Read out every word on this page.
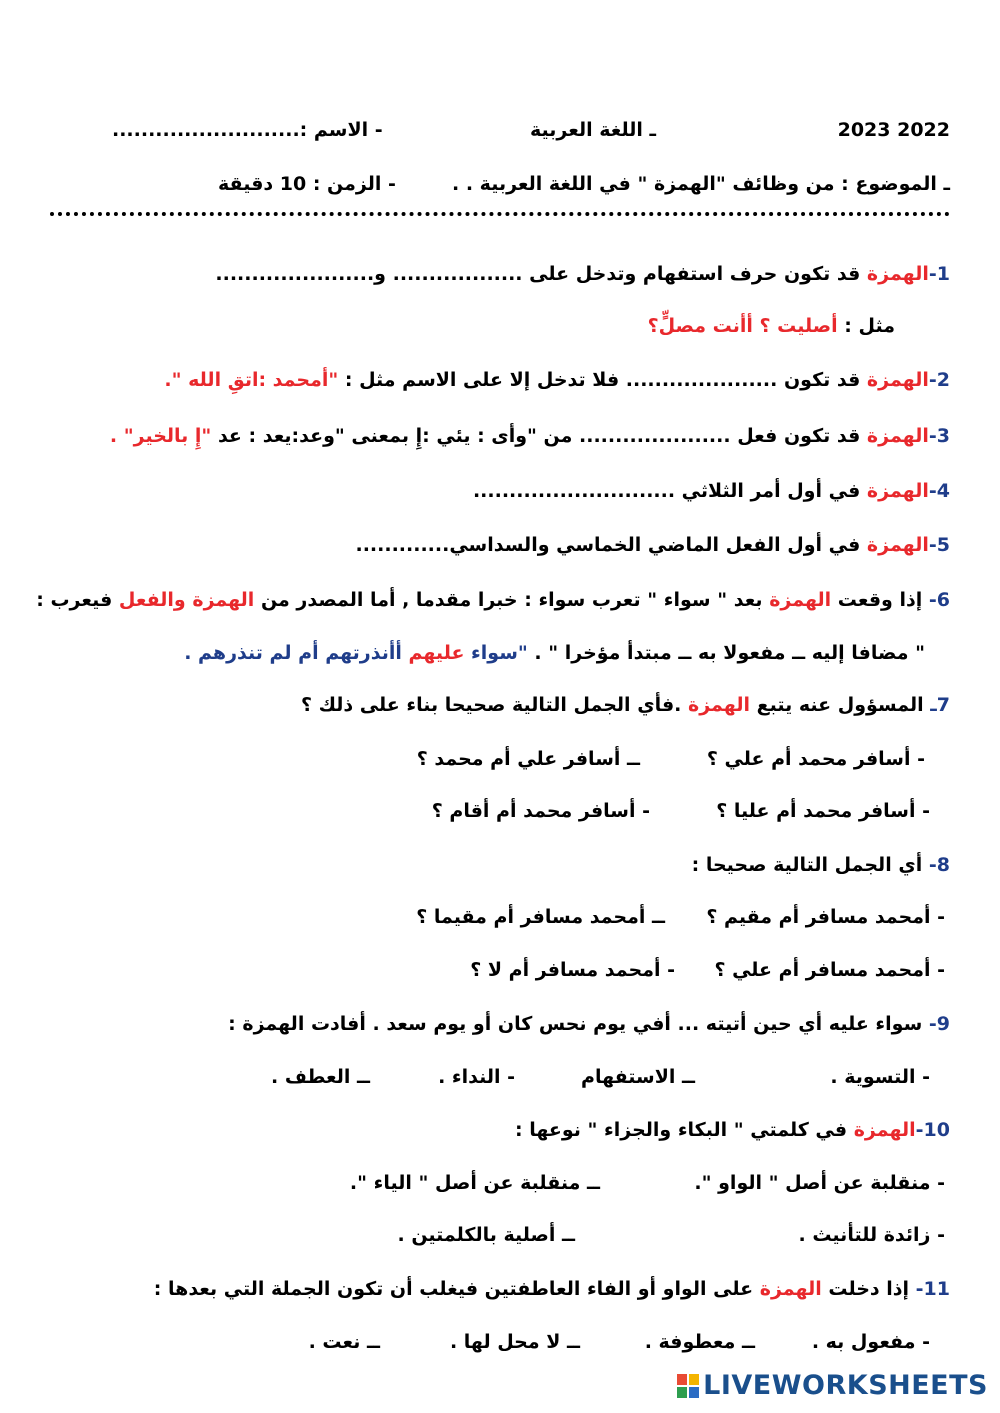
2023 2022
ـ اللغة العربية
- الاسم :..........................
ـ الموضوع : من وظائف "الهمزة " في اللغة العربية . .
- الزمن : 10 دقيقة
1-الهمزة قد تكون حرف استفهام وتدخل على .................. و......................
مثل : أصليت ؟ أأنت مصلٍّ؟
2-الهمزة قد تكون ..................... فلا تدخل إلا على الاسم مثل : "أمحمد :اتقِ الله ".
3-الهمزة قد تكون فعل ..................... من "وأى : يئي :إِ بمعنى "وعد:يعد : عد "إِ بالخير" .
4-الهمزة في أول أمر الثلاثي ............................
5-الهمزة في أول الفعل الماضي الخماسي والسداسي.............
6- إذا وقعت الهمزة بعد " سواء " تعرب سواء : خبرا مقدما , أما المصدر من الهمزة والفعل فيعرب :
" مضافا إليه ــ مفعولا به ــ مبتدأ مؤخرا " . "سواء عليهم أأنذرتهم أم لم تنذرهم .
7ـ المسؤول عنه يتبع الهمزة .فأي الجمل التالية صحيحا بناء على ذلك ؟
- أسافر محمد أم علي ؟
ــ أسافر علي أم محمد ؟
- أسافر محمد أم عليا ؟
- أسافر محمد أم أقام ؟
8- أي الجمل التالية صحيحا :
- أمحمد مسافر أم مقيم ؟
ــ أمحمد مسافر أم مقيما ؟
- أمحمد مسافر أم علي ؟
- أمحمد مسافر أم لا ؟
9- سواء عليه أي حين أتيته ... أفي يوم نحس كان أو يوم سعد . أفادت الهمزة :
- التسوية .
ــ الاستفهام
- النداء .
ــ العطف .
10-الهمزة في كلمتي " البكاء والجزاء " نوعها :
- منقلبة عن أصل " الواو ".
ــ منقلبة عن أصل " الياء ".
- زائدة للتأنيث .
ــ أصلية بالكلمتين .
11- إذا دخلت الهمزة على الواو أو الفاء العاطفتين فيغلب أن تكون الجملة التي بعدها :
- مفعول به .
ــ معطوفة .
ــ لا محل لها .
ــ نعت .
LIVEWORKSHEETS
